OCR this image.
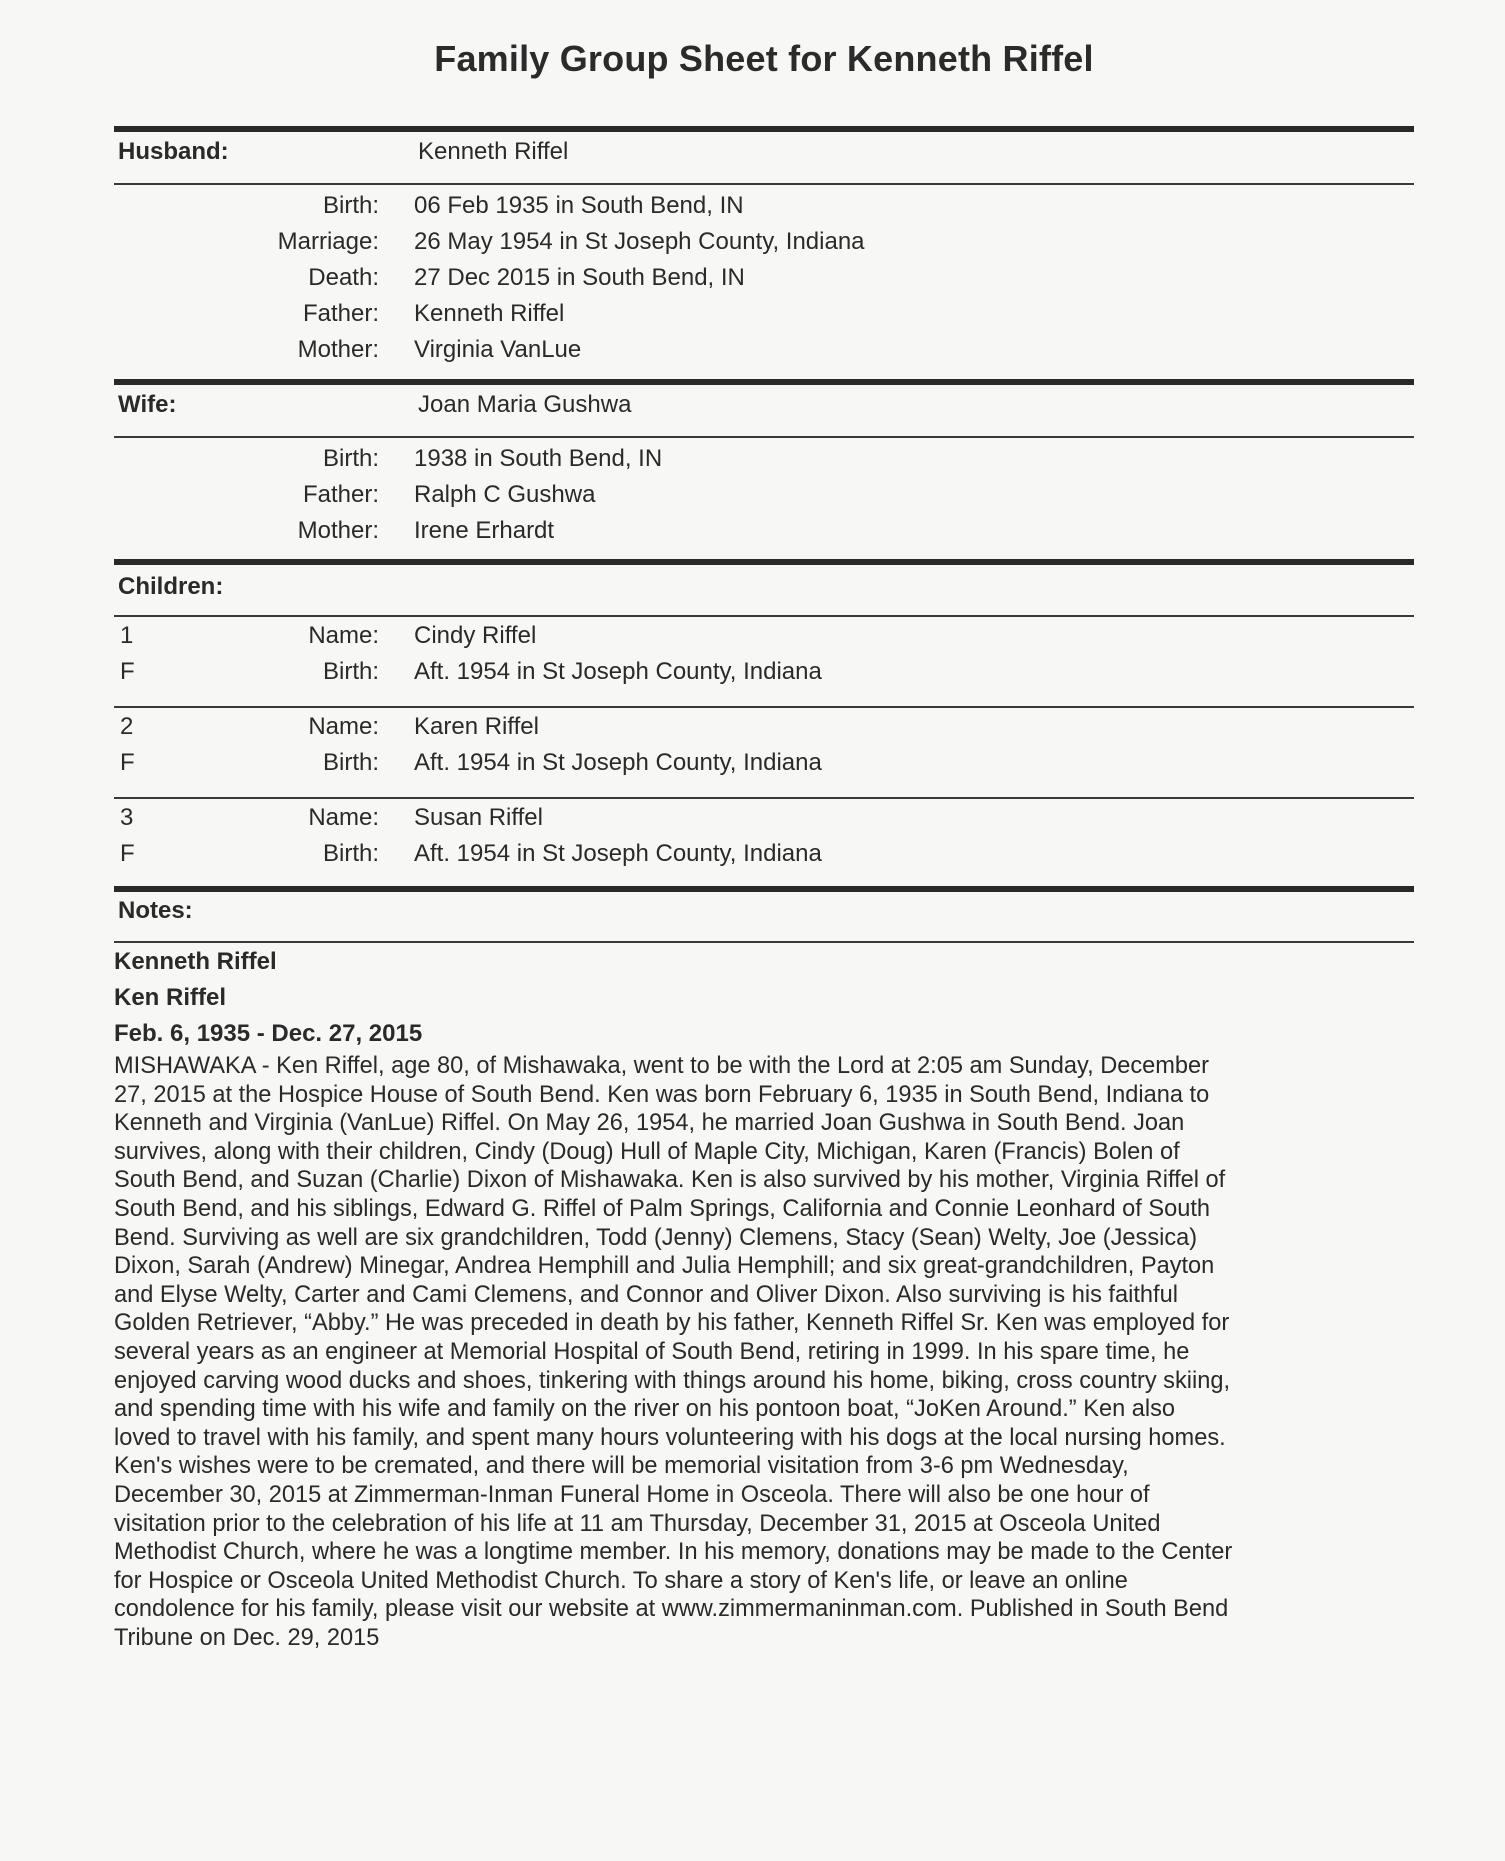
Family Group Sheet for Kenneth Riffel
Husband:	Kenneth Riffel
Birth: 06 Feb 1935 in South Bend, IN
Marriage: 26 May 1954 in St Joseph County, Indiana
Death: 27 Dec 2015 in South Bend, IN
Father: Kenneth Riffel
Mother: Virginia VanLue
Wife:	Joan Maria Gushwa
Birth: 1938 in South Bend, IN
Father: Ralph C Gushwa
Mother: Irene Erhardt
Children:
1	Name: Cindy Riffel
F	Birth: Aft. 1954 in St Joseph County, Indiana
2	Name: Karen Riffel
F	Birth: Aft. 1954 in St Joseph County, Indiana
3	Name: Susan Riffel
F	Birth: Aft. 1954 in St Joseph County, Indiana
Notes:
Kenneth Riffel
Ken Riffel
Feb. 6, 1935 - Dec. 27, 2015
MISHAWAKA - Ken Riffel, age 80, of Mishawaka, went to be with the Lord at 2:05 am Sunday, December
27, 2015 at the Hospice House of South Bend. Ken was born February 6, 1935 in South Bend, Indiana to
Kenneth and Virginia (VanLue) Riffel. On May 26, 1954, he married Joan Gushwa in South Bend. Joan
survives, along with their children, Cindy (Doug) Hull of Maple City, Michigan, Karen (Francis) Bolen of
South Bend, and Suzan (Charlie) Dixon of Mishawaka. Ken is also survived by his mother, Virginia Riffel of
South Bend, and his siblings, Edward G. Riffel of Palm Springs, California and Connie Leonhard of South
Bend. Surviving as well are six grandchildren, Todd (Jenny) Clemens, Stacy (Sean) Welty, Joe (Jessica)
Dixon, Sarah (Andrew) Minegar, Andrea Hemphill and Julia Hemphill; and six great-grandchildren, Payton
and Elyse Welty, Carter and Cami Clemens, and Connor and Oliver Dixon. Also surviving is his faithful
Golden Retriever, “Abby.” He was preceded in death by his father, Kenneth Riffel Sr. Ken was employed for
several years as an engineer at Memorial Hospital of South Bend, retiring in 1999. In his spare time, he
enjoyed carving wood ducks and shoes, tinkering with things around his home, biking, cross country skiing,
and spending time with his wife and family on the river on his pontoon boat, “JoKen Around.” Ken also
loved to travel with his family, and spent many hours volunteering with his dogs at the local nursing homes.
Ken's wishes were to be cremated, and there will be memorial visitation from 3-6 pm Wednesday,
December 30, 2015 at Zimmerman-Inman Funeral Home in Osceola. There will also be one hour of
visitation prior to the celebration of his life at 11 am Thursday, December 31, 2015 at Osceola United
Methodist Church, where he was a longtime member. In his memory, donations may be made to the Center
for Hospice or Osceola United Methodist Church. To share a story of Ken's life, or leave an online
condolence for his family, please visit our website at www.zimmermaninman.com. Published in South Bend
Tribune on Dec. 29, 2015
